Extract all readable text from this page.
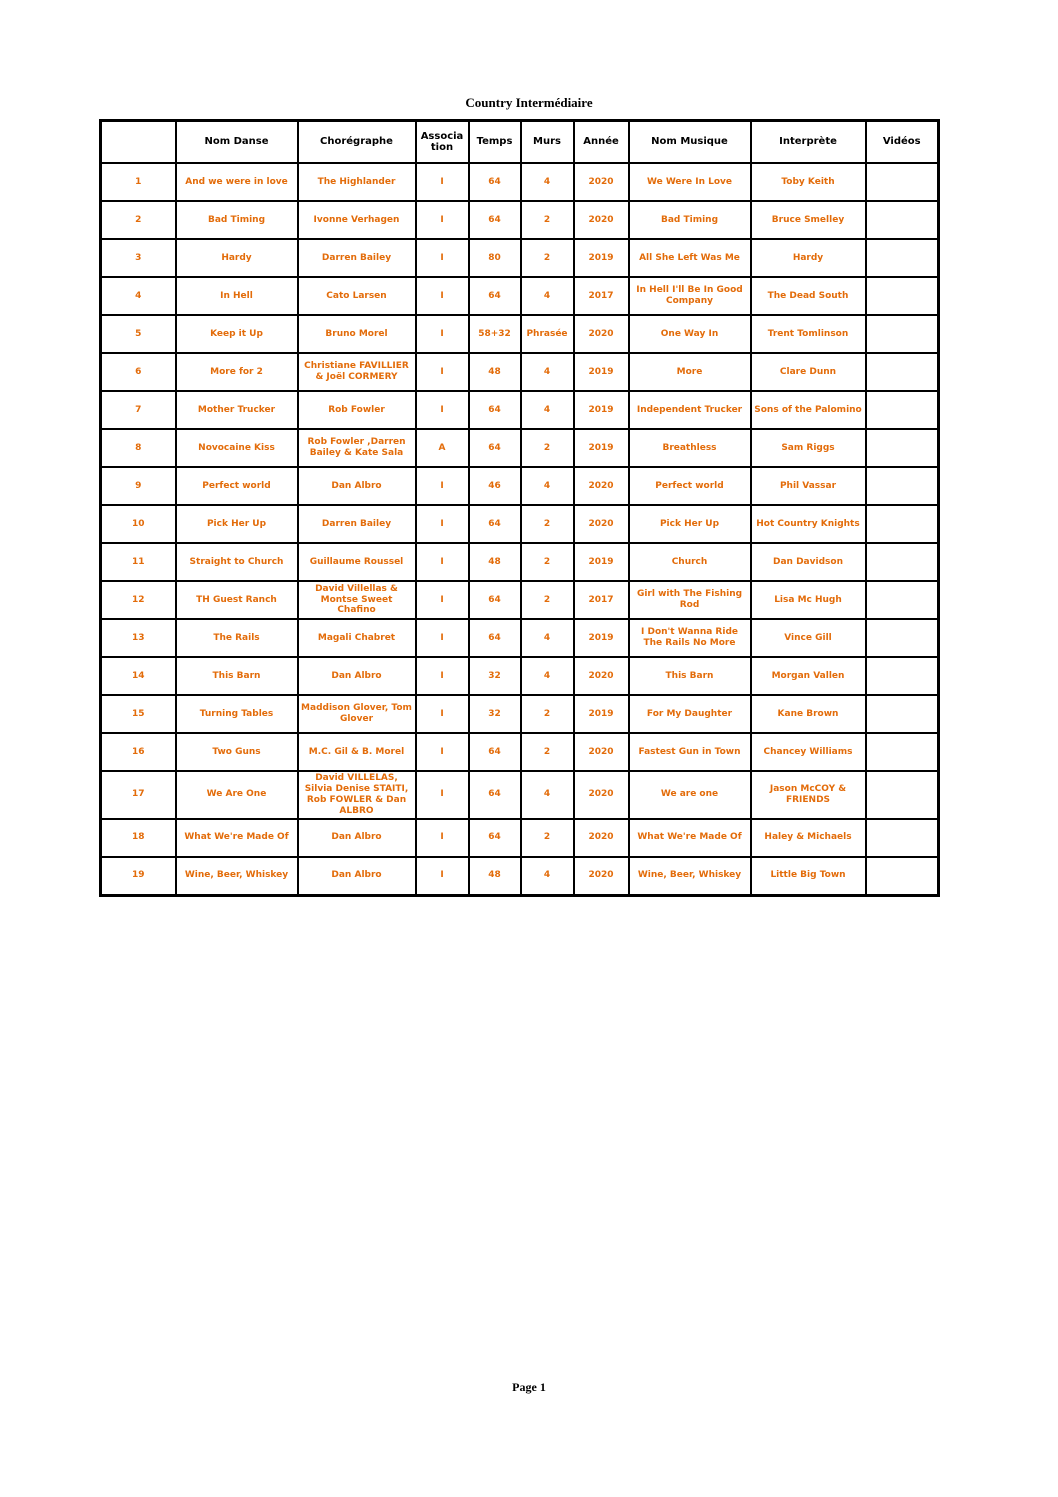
Country Intermédiaire
	Nom Danse	Chorégraphe	Associa tion	Temps	Murs	Année	Nom Musique	Interprète	Vidéos
1	And we were in love	The Highlander	I	64	4	2020	We Were In Love	Toby Keith	
2	Bad Timing	Ivonne Verhagen	I	64	2	2020	Bad Timing	Bruce Smelley	
3	Hardy	Darren Bailey	I	80	2	2019	All She Left Was Me	Hardy	
4	In Hell	Cato Larsen	I	64	4	2017	In Hell I'll Be In Good Company	The Dead South	
5	Keep it Up	Bruno Morel	I	58+32	Phrasée	2020	One Way In	Trent Tomlinson	
6	More for 2	Christiane FAVILLIER & Joël CORMERY	I	48	4	2019	More	Clare Dunn	
7	Mother Trucker	Rob Fowler	I	64	4	2019	Independent Trucker	Sons of the Palomino	
8	Novocaine Kiss	Rob Fowler ,Darren Bailey & Kate Sala	A	64	2	2019	Breathless	Sam Riggs	
9	Perfect world	Dan Albro	I	46	4	2020	Perfect world	Phil Vassar	
10	Pick Her Up	Darren Bailey	I	64	2	2020	Pick Her Up	Hot Country Knights	
11	Straight to Church	Guillaume Roussel	I	48	2	2019	Church	Dan Davidson	
12	TH Guest Ranch	David Villellas & Montse Sweet Chafino	I	64	2	2017	Girl with The Fishing Rod	Lisa Mc Hugh	
13	The Rails	Magali Chabret	I	64	4	2019	I Don't Wanna Ride The Rails No More	Vince Gill	
14	This Barn	Dan Albro	I	32	4	2020	This Barn	Morgan Vallen	
15	Turning Tables	Maddison Glover, Tom Glover	I	32	2	2019	For My Daughter	Kane Brown	
16	Two Guns	M.C. Gil & B. Morel	I	64	2	2020	Fastest Gun in Town	Chancey Williams	
17	We Are One	David VILLELAS, Silvia Denise STAITI, Rob FOWLER & Dan ALBRO	I	64	4	2020	We are one	Jason McCOY & FRIENDS	
18	What We're Made Of	Dan Albro	I	64	2	2020	What We're Made Of	Haley & Michaels	
19	Wine, Beer, Whiskey	Dan Albro	I	48	4	2020	Wine, Beer, Whiskey	Little Big Town	
Page 1
